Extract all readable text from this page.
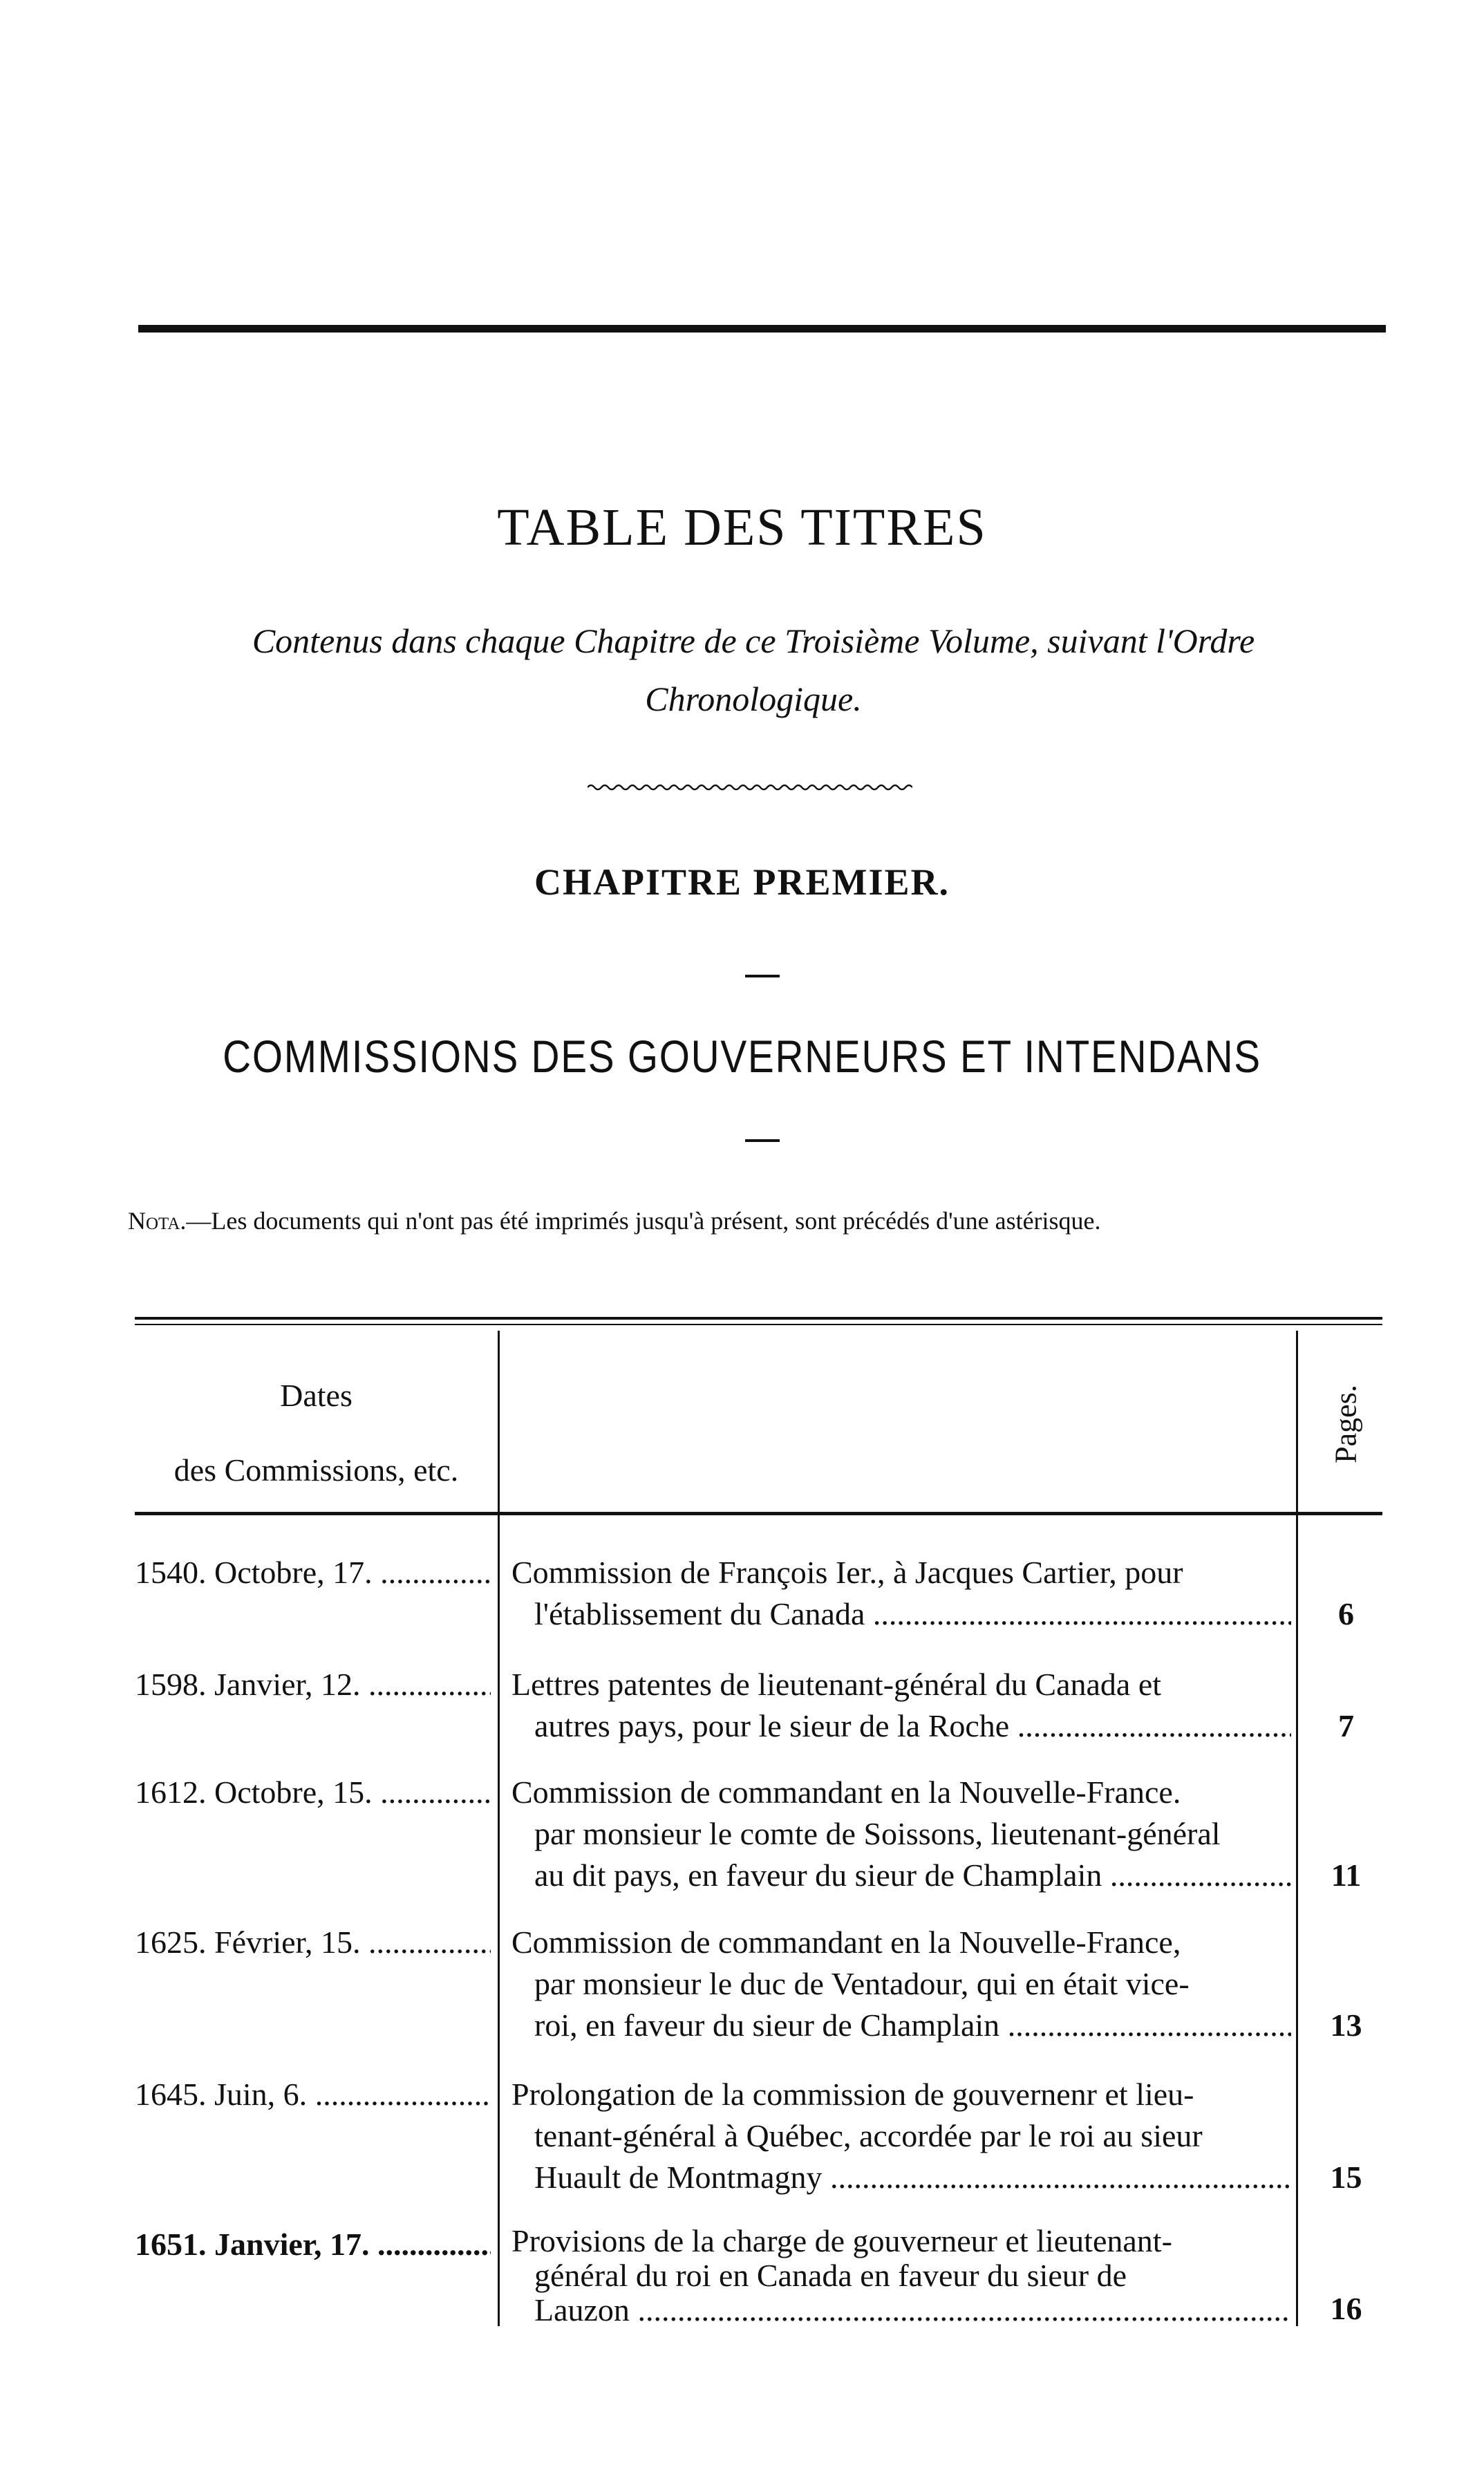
TABLE DES TITRES
Contenus dans chaque Chapitre de ce Troisième Volume, suivant l'Ordre
Chronologique.
CHAPITRE PREMIER.
COMMISSIONS DES GOUVERNEURS ET INTENDANS
Nota.—Les documents qui n'ont pas été imprimés jusqu'à présent, sont précédés d'une astérisque.
Dates
des Commissions, etc.
Pages.
1540. Octobre, 17. .....	Commission de François Ier., à Jacques Cartier, pour
l'établissement du Canada .....	6
1598. Janvier, 12. .....	Lettres patentes de lieutenant-général du Canada et
autres pays, pour le sieur de la Roche .....	7
1612. Octobre, 15. .....	Commission de commandant en la Nouvelle-France.
par monsieur le comte de Soissons, lieutenant-général
au dit pays, en faveur du sieur de Champlain .....	11
1625. Février, 15. .....	Commission de commandant en la Nouvelle-France,
par monsieur le duc de Ventadour, qui en était vice-
roi, en faveur du sieur de Champlain .....	13
1645. Juin, 6. .....	Prolongation de la commission de gouvernenr et lieu-
tenant-général à Québec, accordée par le roi au sieur
Huault de Montmagny .....	15
1651. Janvier, 17. .....	Provisions de la charge de gouverneur et lieutenant-
général du roi en Canada en faveur du sieur de
Lauzon .....	16
